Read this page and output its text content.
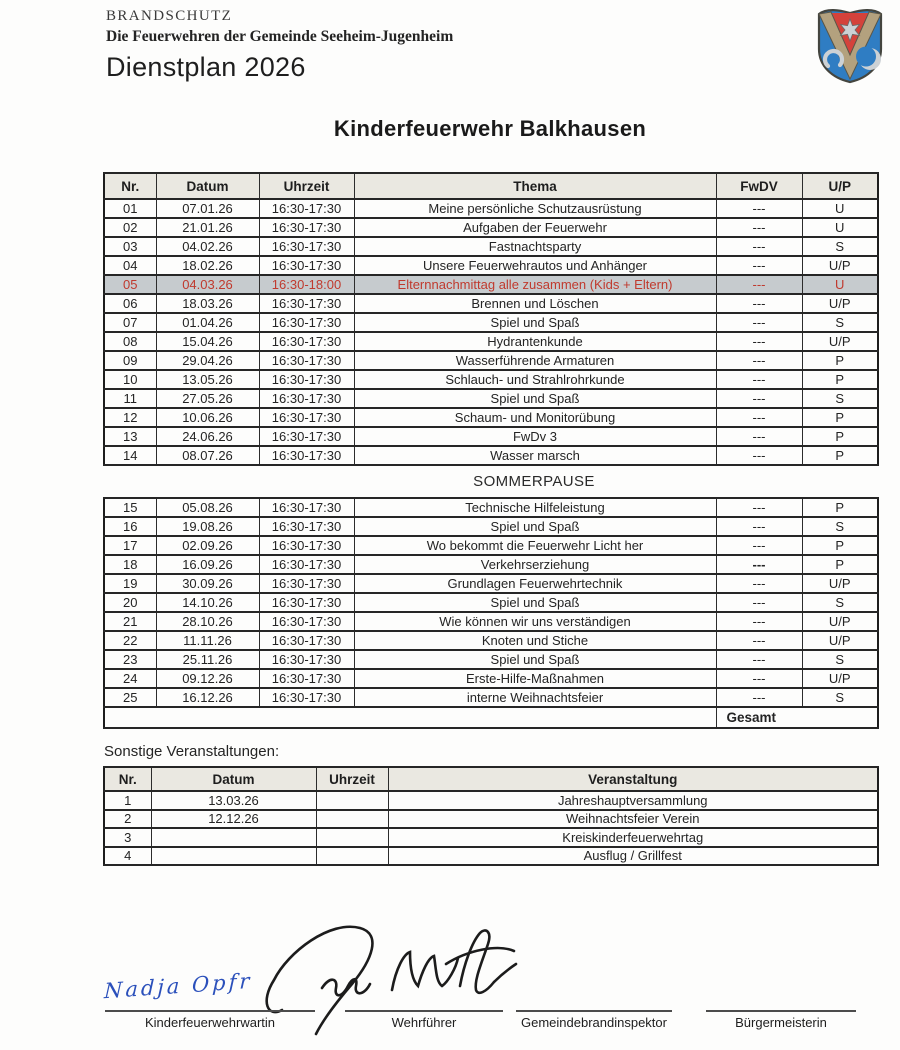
BRANDSCHUTZ
Die Feuerwehren der Gemeinde Seeheim-Jugenheim
Dienstplan 2026
Kinderfeuerwehr Balkhausen
Nr.	Datum	Uhrzeit	Thema	FwDV	U/P
01	07.01.26	16:30-17:30	Meine persönliche Schutzausrüstung	---	U
02	21.01.26	16:30-17:30	Aufgaben der Feuerwehr	---	U
03	04.02.26	16:30-17:30	Fastnachtsparty	---	S
04	18.02.26	16:30-17:30	Unsere Feuerwehrautos und Anhänger	---	U/P
05	04.03.26	16:30-18:00	Elternnachmittag alle zusammen (Kids + Eltern)	---	U
06	18.03.26	16:30-17:30	Brennen und Löschen	---	U/P
07	01.04.26	16:30-17:30	Spiel und Spaß	---	S
08	15.04.26	16:30-17:30	Hydrantenkunde	---	U/P
09	29.04.26	16:30-17:30	Wasserführende Armaturen	---	P
10	13.05.26	16:30-17:30	Schlauch- und Strahlrohrkunde	---	P
11	27.05.26	16:30-17:30	Spiel und Spaß	---	S
12	10.06.26	16:30-17:30	Schaum- und Monitorübung	---	P
13	24.06.26	16:30-17:30	FwDv 3	---	P
14	08.07.26	16:30-17:30	Wasser marsch	---	P
SOMMERPAUSE
15	05.08.26	16:30-17:30	Technische Hilfeleistung	---	P
16	19.08.26	16:30-17:30	Spiel und Spaß	---	S
17	02.09.26	16:30-17:30	Wo bekommt die Feuerwehr Licht her	---	P
18	16.09.26	16:30-17:30	Verkehrserziehung	---	P
19	30.09.26	16:30-17:30	Grundlagen Feuerwehrtechnik	---	U/P
20	14.10.26	16:30-17:30	Spiel und Spaß	---	S
21	28.10.26	16:30-17:30	Wie können wir uns verständigen	---	U/P
22	11.11.26	16:30-17:30	Knoten und Stiche	---	U/P
23	25.11.26	16:30-17:30	Spiel und Spaß	---	S
24	09.12.26	16:30-17:30	Erste-Hilfe-Maßnahmen	---	U/P
25	16.12.26	16:30-17:30	interne Weihnachtsfeier	---	S
				Gesamt	
Sonstige Veranstaltungen:
Nr.	Datum	Uhrzeit	Veranstaltung
1	13.03.26		Jahreshauptversammlung
2	12.12.26		Weihnachtsfeier Verein
3			Kreiskinderfeuerwehrtag
4			Ausflug / Grillfest
Nadja Opfr
Kinderfeuerwehrwartin	Wehrführer	Gemeindebrandinspektor	Bürgermeisterin
